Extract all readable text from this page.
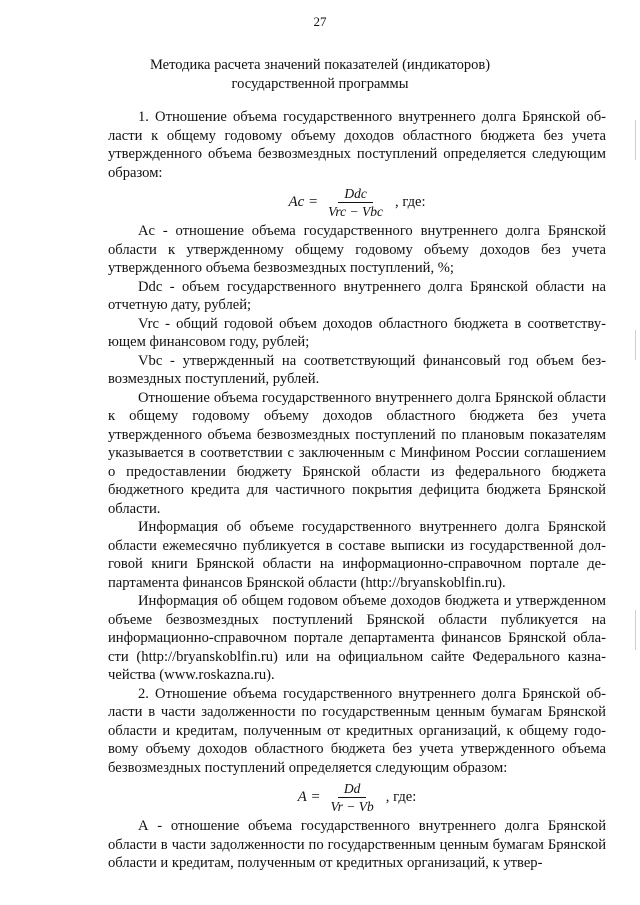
27
Методика расчета значений показателей (индикаторов)
государственной программы

1. Отношение объема государственного внутреннего долга Брянской области к общему годовому объему доходов областного бюджета без учета утвержденного объема безвозмездных поступлений определяется следующим образом:

$Ac = \frac{\text{Ddc}}{\text{Vrc − Vbc}}$ , где:

Ac - отношение объема государственного внутреннего долга Брянской области к утвержденному общему годовому объему доходов без учета утвержденного объема безвозмездных поступлений, %;

Ddc - объем государственного внутреннего долга Брянской области на отчетную дату, рублей;

Vrc - общий годовой объем доходов областного бюджета в соответствующем финансовом году, рублей;

Vbc - утвержденный на соответствующий финансовый год объем безвозмездных поступлений, рублей.

Отношение объема государственного внутреннего долга Брянской области к общему годовому объему доходов областного бюджета без учета утвержденного объема безвозмездных поступлений по плановым показателям указывается в соответствии с заключенным с Минфином России соглашением о предоставлении бюджету Брянской области из федерального бюджета бюджетного кредита для частичного покрытия дефицита бюджета Брянской области.

Информация об объеме государственного внутреннего долга Брянской области ежемесячно публикуется в составе выписки из государственной долговой книги Брянской области на информационно-справочном портале департамента финансов Брянской области (http://bryanskoblfin.ru).

Информация об общем годовом объеме доходов бюджета и утвержденном объеме безвозмездных поступлений Брянской области публикуется на информационно-справочном портале департамента финансов Брянской области (http://bryanskoblfin.ru) или на официальном сайте Федерального казначейства (www.roskazna.ru).

2. Отношение объема государственного внутреннего долга Брянской области в части задолженности по государственным ценным бумагам Брянской области и кредитам, полученным от кредитных организаций, к общему годовому объему доходов областного бюджета без учета утвержденного объема безвозмездных поступлений определяется следующим образом:

$A = \frac{Dd}{Vr - Vb}$ , где:

А - отношение объема государственного внутреннего долга Брянской области в части задолженности по государственным ценным бумагам Брянской области и кредитам, полученным от кредитных организаций, к утвер-
